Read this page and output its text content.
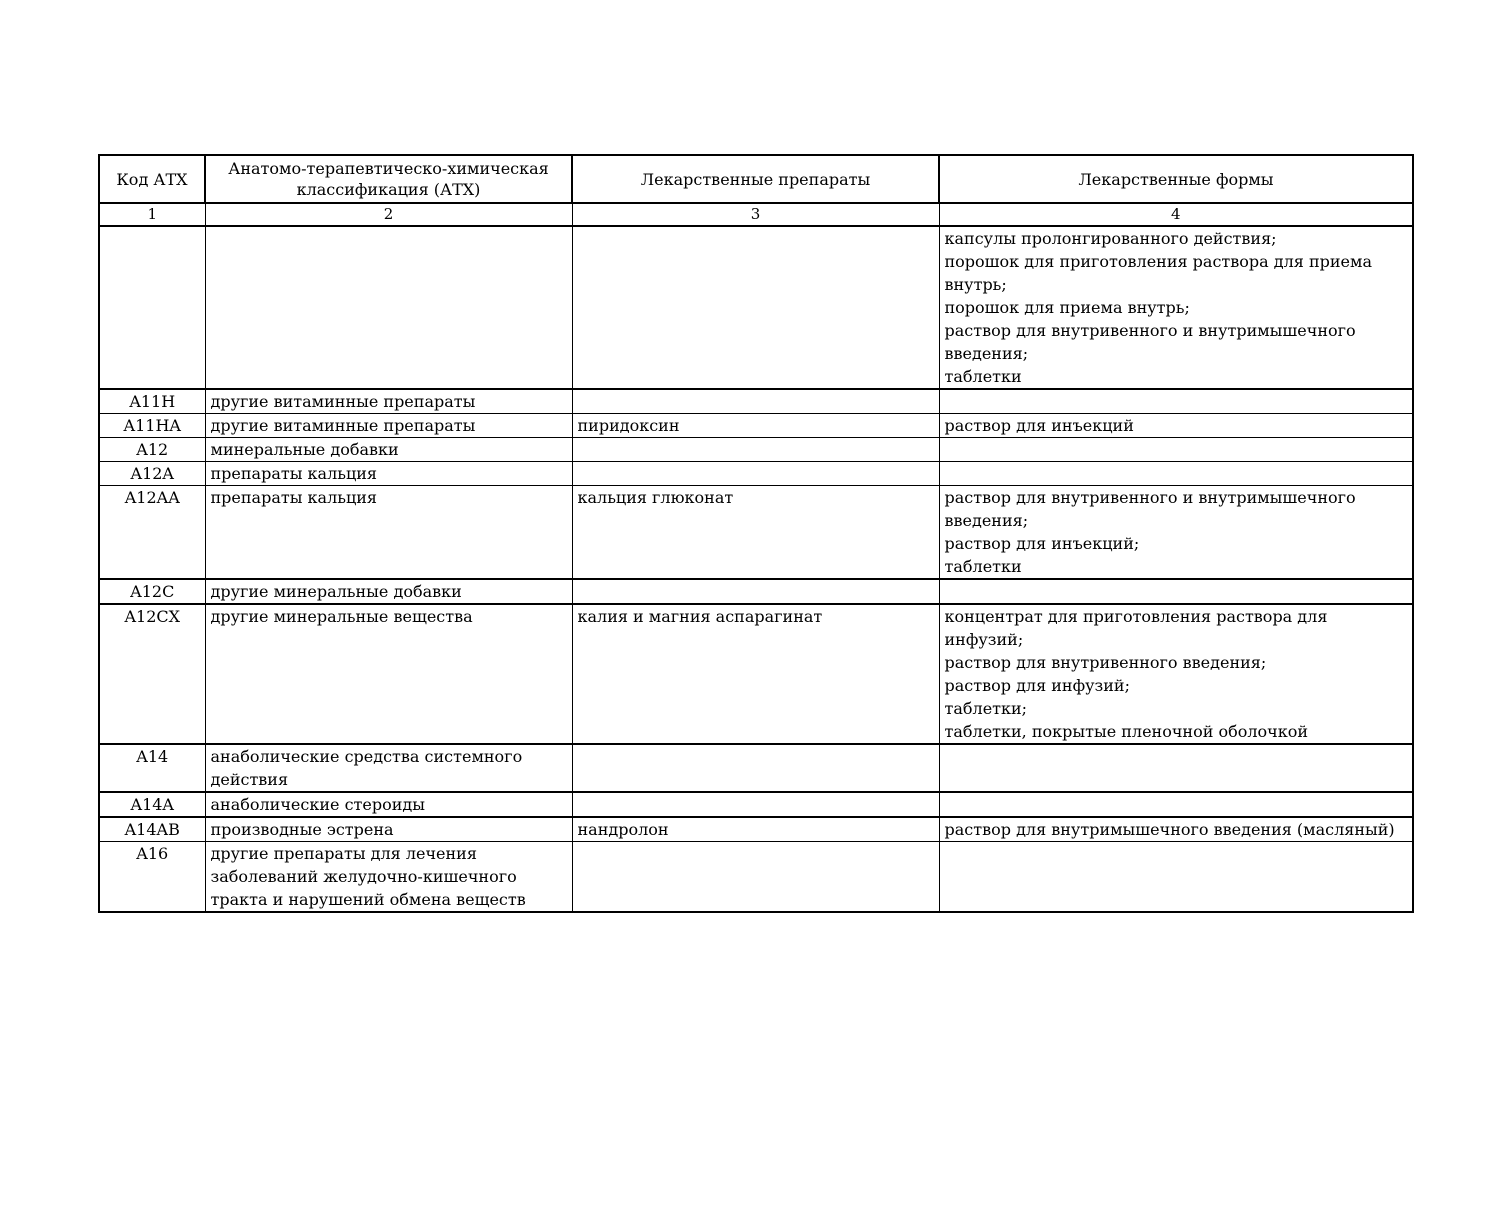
Код АТХ	Анатомо-терапевтическо-химическая классификация (АТХ)	Лекарственные препараты	Лекарственные формы
1	2	3	4

			капсулы пролонгированного действия;
порошок для приготовления раствора для приема внутрь;
порошок для приема внутрь;
раствор для внутривенного и внутримышечного введения;
таблетки

A11H	другие витаминные препараты		
A11HA	другие витаминные препараты	пиридоксин	раствор для инъекций

A12	минеральные добавки		
A12A	препараты кальция		
A12AA	препараты кальция	кальция глюконат	раствор для внутривенного и внутримышечного введения;
раствор для инъекций;
таблетки

A12C	другие минеральные добавки		
A12CX	другие минеральные вещества	калия и магния аспарагинат	концентрат для приготовления раствора для инфузий;
раствор для внутривенного введения;
раствор для инфузий;
таблетки;
таблетки, покрытые пленочной оболочкой

A14	анаболические средства системного действия		
A14A	анаболические стероиды		
A14AB	производные эстрена	нандролон	раствор для внутримышечного введения (масляный)

A16	другие препараты для лечения заболеваний желудочно-кишечного тракта и нарушений обмена веществ		
